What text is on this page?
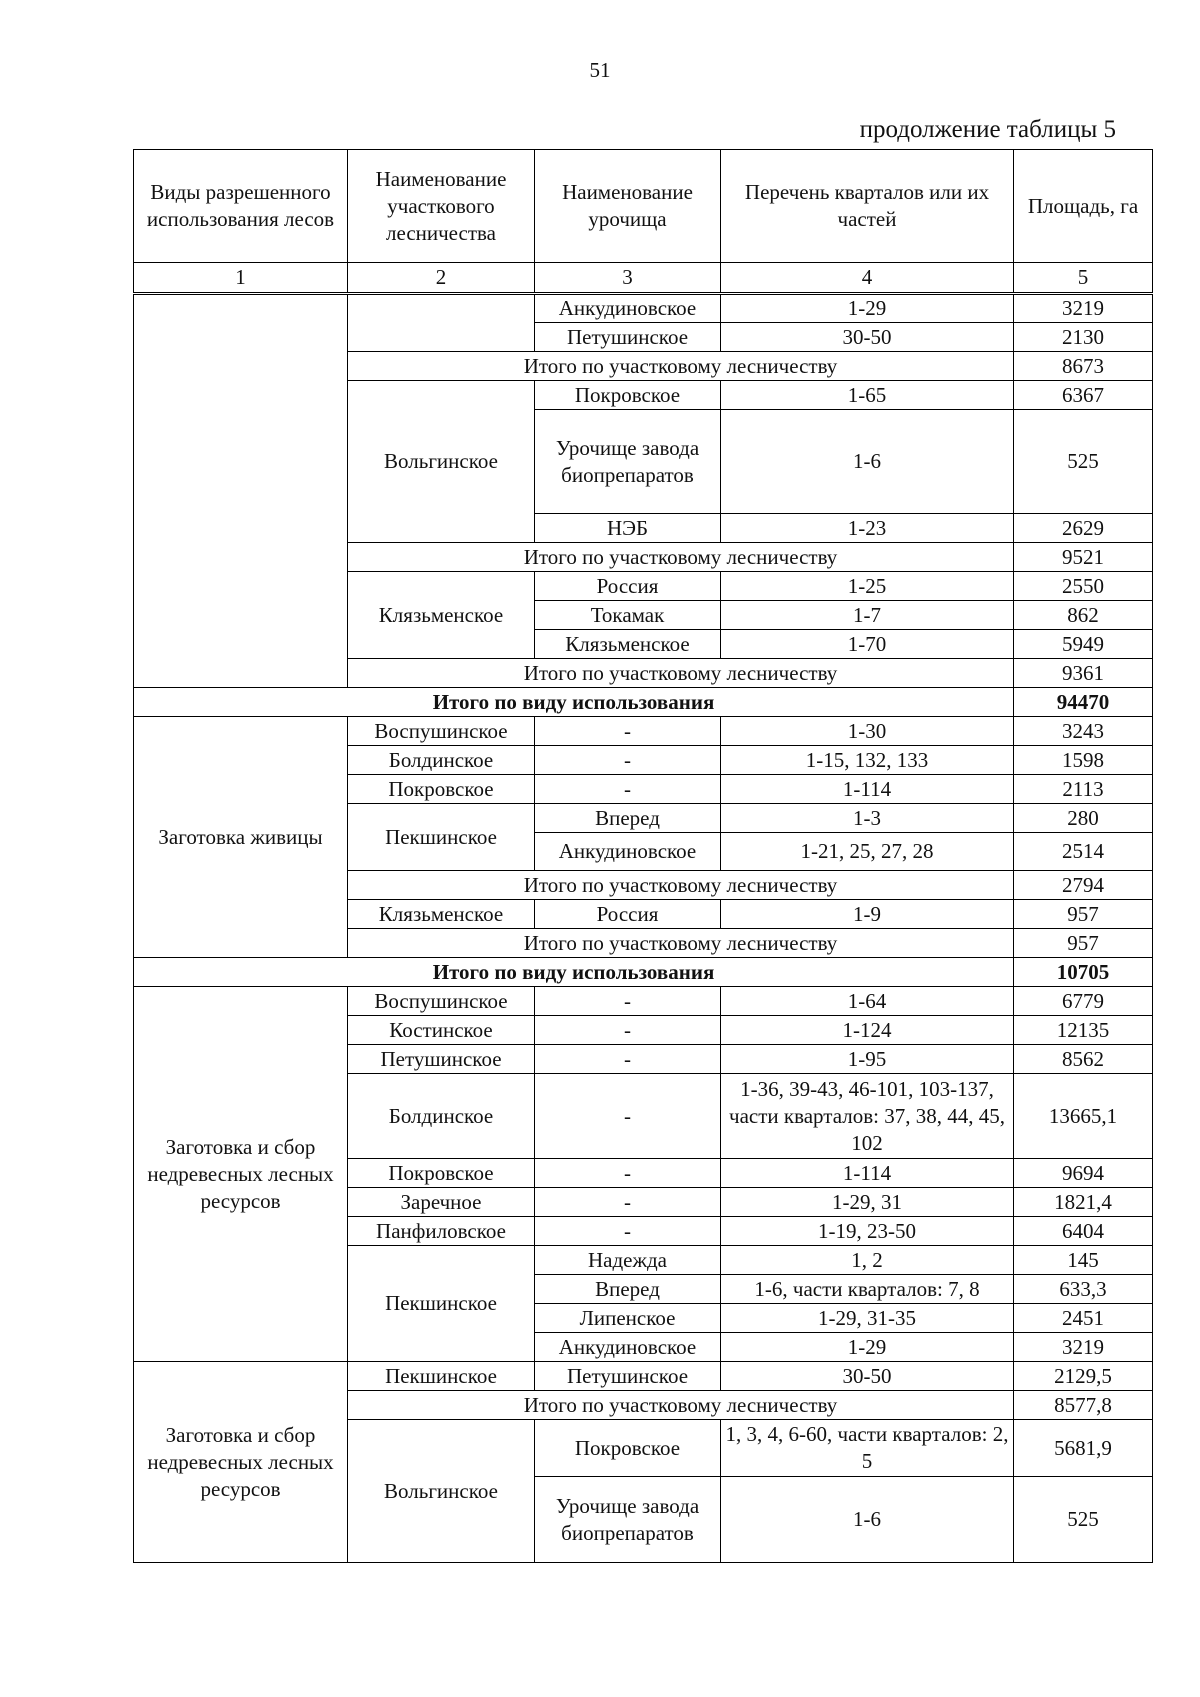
51
продолжение таблицы 5
Виды разрешенного использования лесов	Наименование участкового лесничества	Наименование урочища	Перечень кварталов или их частей	Площадь, га
1	2	3	4	5
		Анкудиновское	1-29	3219
		Петушинское	30-50	2130
	Итого по участковому лесничеству			8673
	Вольгинское	Покровское	1-65	6367
		Урочище завода биопрепаратов	1-6	525
		НЭБ	1-23	2629
	Итого по участковому лесничеству			9521
	Клязьменское	Россия	1-25	2550
		Токамак	1-7	862
		Клязьменское	1-70	5949
	Итого по участковому лесничеству			9361
Итого по виду использования				94470
Заготовка живицы	Воспушинское	-	1-30	3243
	Болдинское	-	1-15, 132, 133	1598
	Покровское	-	1-114	2113
	Пекшинское	Вперед	1-3	280
		Анкудиновское	1-21, 25, 27, 28	2514
	Итого по участковому лесничеству			2794
	Клязьменское	Россия	1-9	957
	Итого по участковому лесничеству			957
Итого по виду использования				10705
Заготовка и сбор недревесных лесных ресурсов	Воспушинское	-	1-64	6779
	Костинское	-	1-124	12135
	Петушинское	-	1-95	8562
	Болдинское	-	1-36, 39-43, 46-101, 103-137, части кварталов: 37, 38, 44, 45, 102	13665,1
	Покровское	-	1-114	9694
	Заречное	-	1-29, 31	1821,4
	Панфиловское	-	1-19, 23-50	6404
	Пекшинское	Надежда	1, 2	145
		Вперед	1-6, части кварталов: 7, 8	633,3
		Липенское	1-29, 31-35	2451
		Анкудиновское	1-29	3219
Заготовка и сбор недревесных лесных ресурсов	Пекшинское	Петушинское	30-50	2129,5
	Итого по участковому лесничеству			8577,8
	Вольгинское	Покровское	1, 3, 4, 6-60, части кварталов: 2, 5	5681,9
		Урочище завода биопрепаратов	1-6	525
